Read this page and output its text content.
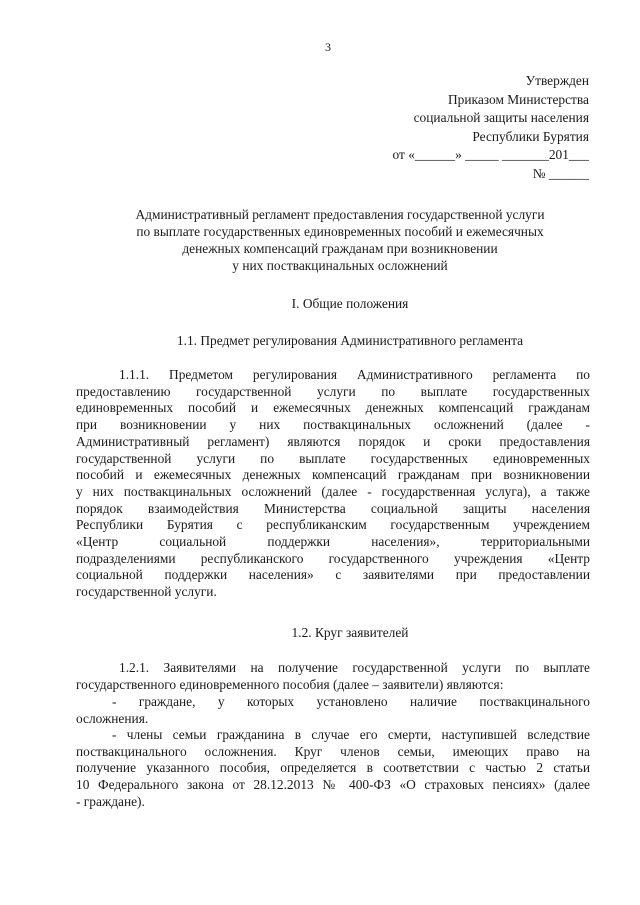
3
Утвержден
Приказом Министерства
социальной защиты населения
Республики Бурятия
от «______» _____ _______201___
№ ______
Административный регламент предоставления государственной услуги
по выплате государственных единовременных пособий и ежемесячных
денежных компенсаций гражданам при возникновении
у них поствакцинальных осложнений
I. Общие положения
1.1. Предмет регулирования Административного регламента
1.1.1. Предметом регулирования Административного регламента по
предоставлению государственной услуги по выплате государственных
единовременных пособий и ежемесячных денежных компенсаций гражданам
при возникновении у них поствакцинальных осложнений (далее -
Административный регламент) являются порядок и сроки предоставления
государственной услуги по выплате государственных единовременных
пособий и ежемесячных денежных компенсаций гражданам при возникновении
у них поствакцинальных осложнений (далее - государственная услуга), а также
порядок взаимодействия Министерства социальной защиты населения
Республики Бурятия с республиканским государственным учреждением
«Центр социальной поддержки населения», территориальными
подразделениями республиканского государственного учреждения «Центр
социальной поддержки населения» с заявителями при предоставлении
государственной услуги.
1.2. Круг заявителей
1.2.1. Заявителями на получение государственной услуги по выплате
государственного единовременного пособия (далее – заявители) являются:
- граждане, у которых установлено наличие поствакцинального
осложнения.
- члены семьи гражданина в случае его смерти, наступившей вследствие
поствакцинального осложнения. Круг членов семьи, имеющих право на
получение указанного пособия, определяется в соответствии с частью 2 статьи
10 Федерального закона от 28.12.2013 № 400-ФЗ «О страховых пенсиях» (далее
- граждане).
